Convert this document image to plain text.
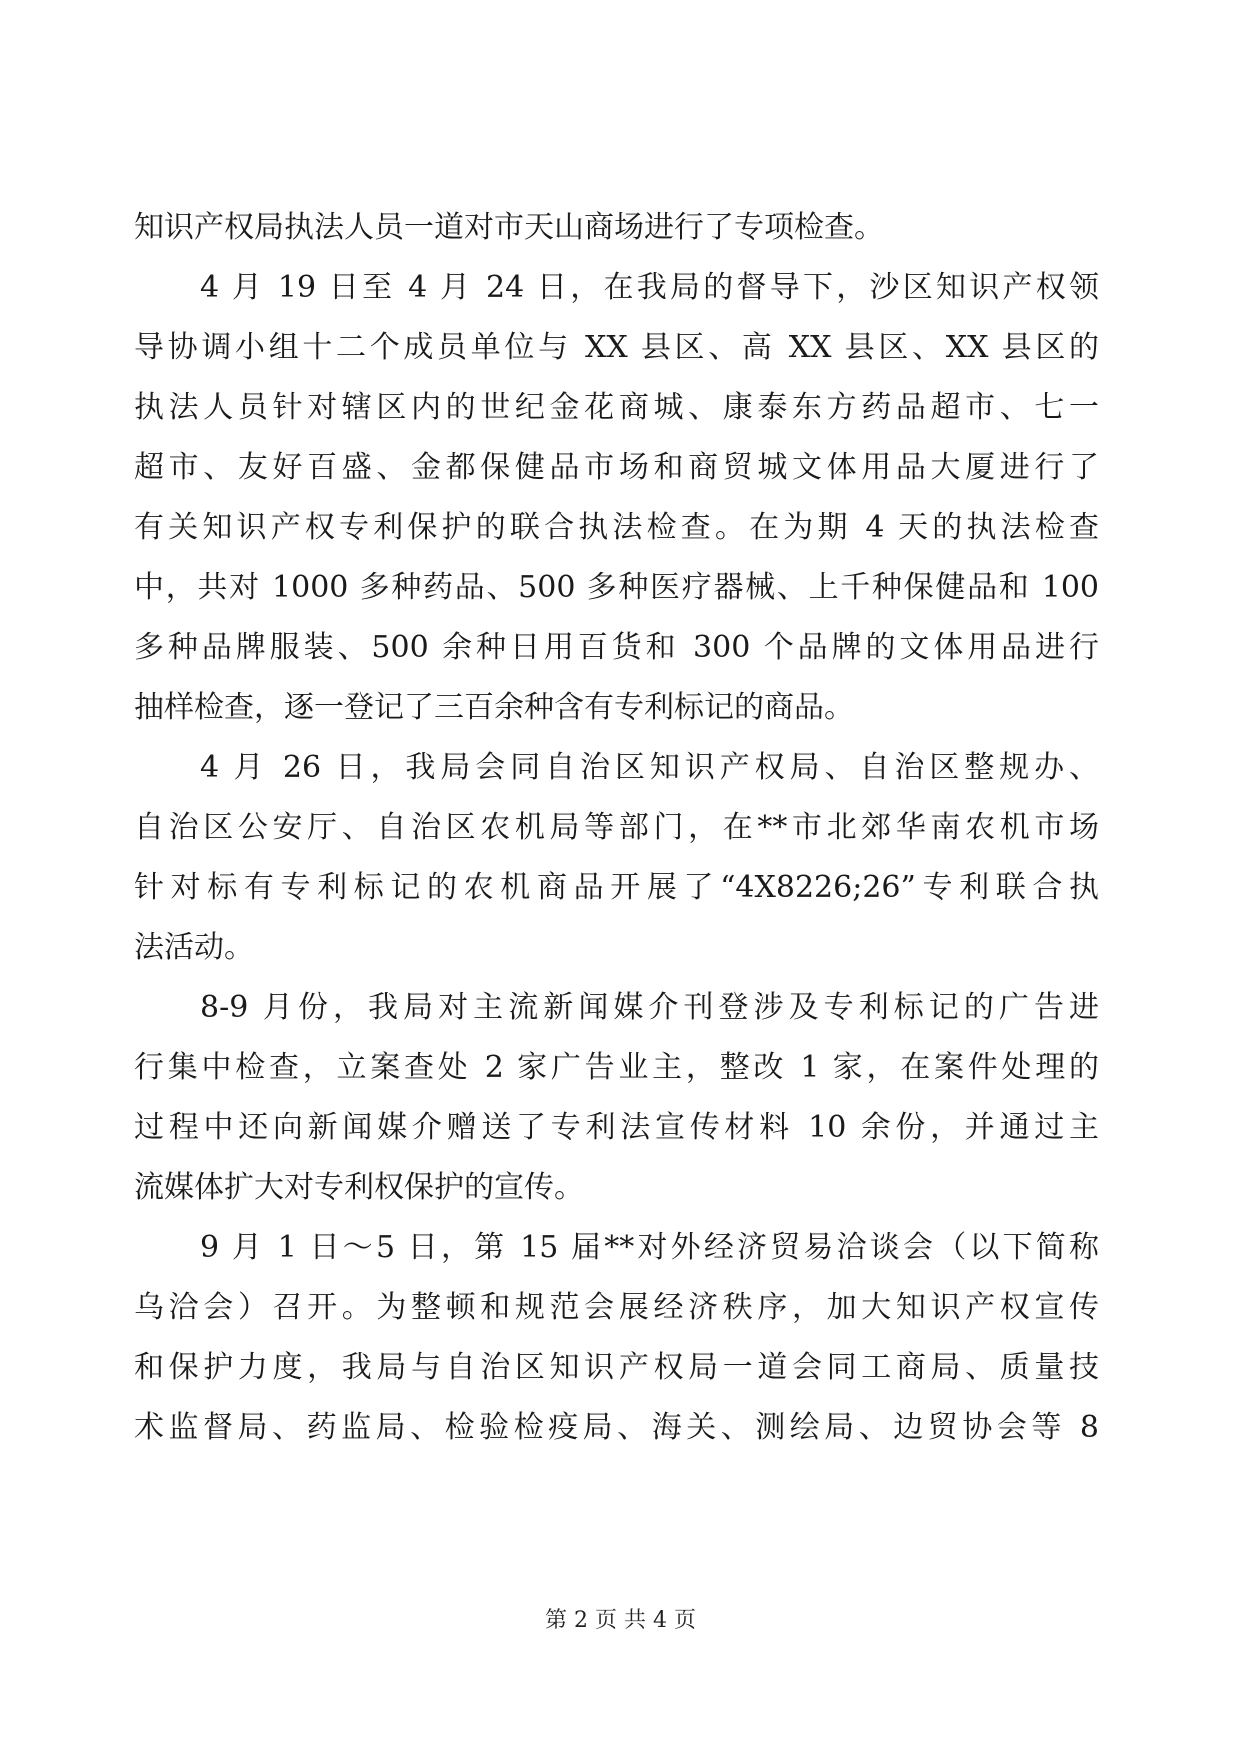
知识产权局执法人员一道对市天山商场进行了专项检查。
4 月 19 日至 4 月 24 日，在我局的督导下，沙区知识产权领
导协调小组十二个成员单位与 XX 县区、高 XX 县区、XX 县区的
执法人员针对辖区内的世纪金花商城、康泰东方药品超市、七一
超市、友好百盛、金都保健品市场和商贸城文体用品大厦进行了
有关知识产权专利保护的联合执法检查。在为期 4 天的执法检查
中，共对 1000 多种药品、500 多种医疗器械、上千种保健品和 100
多种品牌服装、500 余种日用百货和 300 个品牌的文体用品进行
抽样检查，逐一登记了三百余种含有专利标记的商品。
4 月 26 日，我局会同自治区知识产权局、自治区整规办、
自治区公安厅、自治区农机局等部门，在**市北郊华南农机市场
针对标有专利标记的农机商品开展了“4X8226;26”专利联合执
法活动。
8-9 月份，我局对主流新闻媒介刊登涉及专利标记的广告进
行集中检查，立案查处 2 家广告业主，整改 1 家，在案件处理的
过程中还向新闻媒介赠送了专利法宣传材料 10 余份，并通过主
流媒体扩大对专利权保护的宣传。
9 月 1 日～5 日，第 15 届**对外经济贸易洽谈会（以下简称
乌洽会）召开。为整顿和规范会展经济秩序，加大知识产权宣传
和保护力度，我局与自治区知识产权局一道会同工商局、质量技
术监督局、药监局、检验检疫局、海关、测绘局、边贸协会等 8
第 2 页 共 4 页
